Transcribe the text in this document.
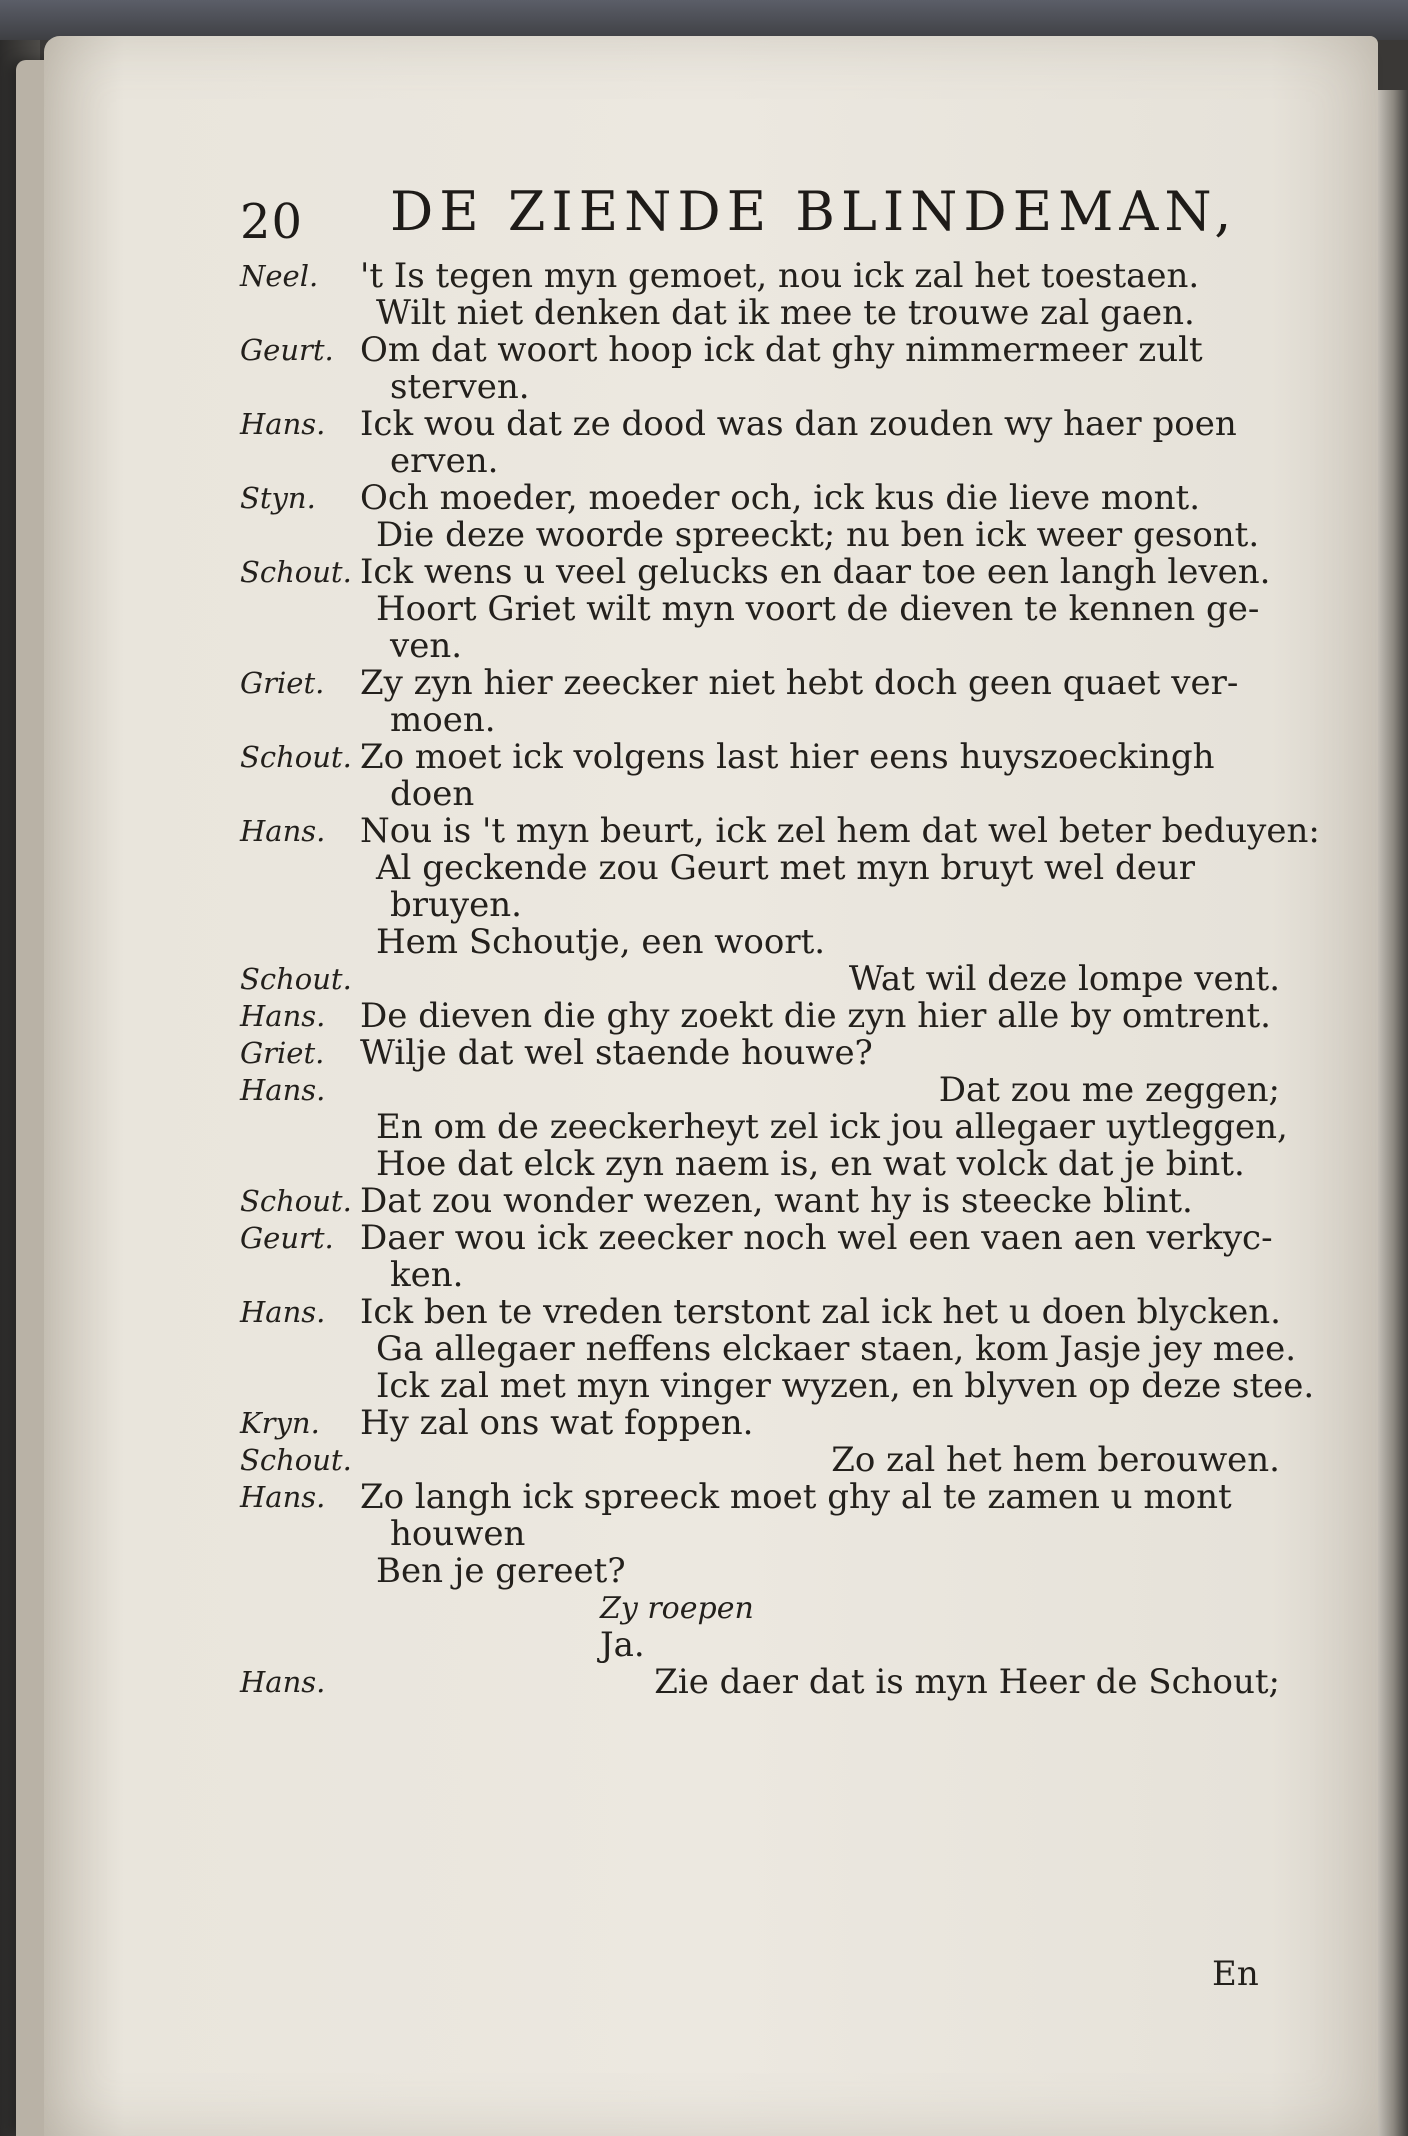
20 DE ZIENDE BLINDEMAN,
Neel. 't Is tegen myn gemoet, nou ick zal het toestaen.
Wilt niet denken dat ik mee te trouwe zal gaen.
Geurt. Om dat woort hoop ick dat ghy nimmermeer zult
sterven.
Hans. Ick wou dat ze dood was dan zouden wy haer poen
erven.
Styn. Och moeder, moeder och, ick kus die lieve mont.
Die deze woorde spreeckt; nu ben ick weer gesont.
Schout. Ick wens u veel gelucks en daar toe een langh leven.
Hoort Griet wilt myn voort de dieven te kennen ge-
ven.
Griet. Zy zyn hier zeecker niet hebt doch geen quaet ver-
moen.
Schout. Zo moet ick volgens last hier eens huyszoeckingh
doen
Hans. Nou is 't myn beurt, ick zel hem dat wel beter beduyen:
Al geckende zou Geurt met myn bruyt wel deur
bruyen.
Hem Schoutje, een woort.
Schout.	Wat wil deze lompe vent.
Hans. De dieven die ghy zoekt die zyn hier alle by omtrent.
Griet. Wilje dat wel staende houwe?
Hans.	Dat zou me zeggen;
En om de zeeckerheyt zel ick jou allegaer uytleggen,
Hoe dat elck zyn naem is, en wat volck dat je bint.
Schout. Dat zou wonder wezen, want hy is steecke blint.
Geurt. Daer wou ick zeecker noch wel een vaen aen verkyc-
ken.
Hans. Ick ben te vreden terstont zal ick het u doen blycken.
Ga allegaer neffens elckaer staen, kom Jasje jey mee.
Ick zal met myn vinger wyzen, en blyven op deze stee.
Kryn. Hy zal ons wat foppen.
Schout.	Zo zal het hem berouwen.
Hans. Zo langh ick spreeck moet ghy al te zamen u mont
houwen
Ben je gereet?
Zy roepen
Ja.
Hans.	Zie daer dat is myn Heer de Schout;
En
